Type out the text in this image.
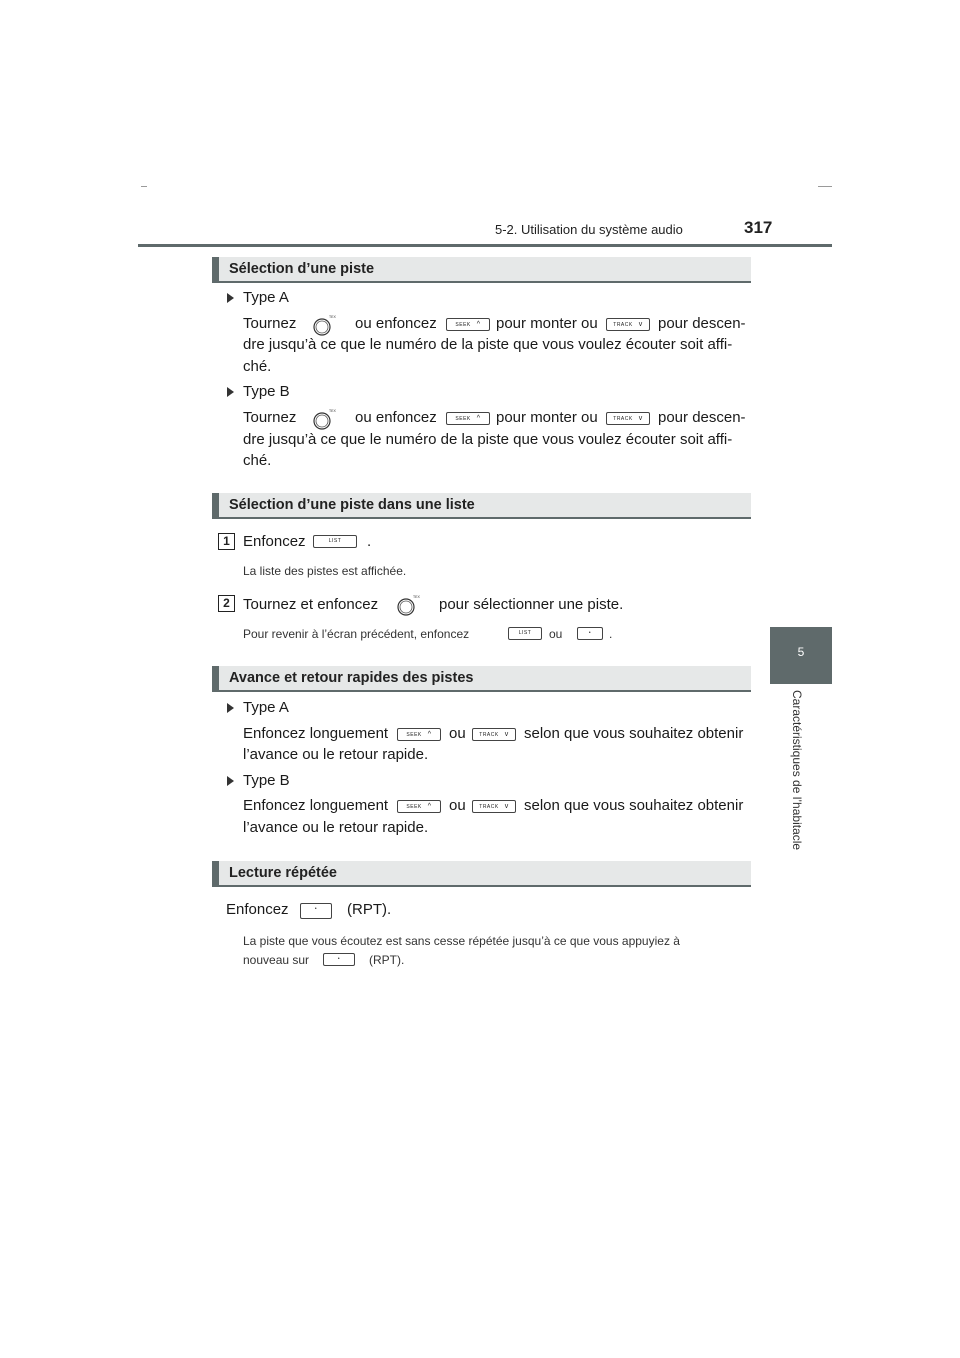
5-2. Utilisation du système audio	317
5
Caractéristiques de l’habitacle
Sélection d’une piste
Type A
Tournez	ou enfoncez	SEEK ^	pour monter ou	TRACK v	pour descen-
dre jusqu’à ce que le numéro de la piste que vous voulez écouter soit affi-
ché.
Type B
Tournez	ou enfoncez	SEEK ^	pour monter ou	TRACK v	pour descen-
dre jusqu’à ce que le numéro de la piste que vous voulez écouter soit affi-
ché.
Sélection d’une piste dans une liste
1 Enfoncez	LIST	.
La liste des pistes est affichée.
2 Tournez et enfoncez	pour sélectionner une piste.
Pour revenir à l’écran précédent, enfoncez	LIST	ou	•	.
Avance et retour rapides des pistes
Type A
Enfoncez longuement	SEEK ^	ou	TRACK v	selon que vous souhaitez obtenir
l’avance ou le retour rapide.
Type B
Enfoncez longuement	SEEK ^	ou	TRACK v	selon que vous souhaitez obtenir
l’avance ou le retour rapide.
Lecture répétée
Enfoncez	•	(RPT).
La piste que vous écoutez est sans cesse répétée jusqu’à ce que vous appuyiez à
nouveau sur	•	(RPT).
